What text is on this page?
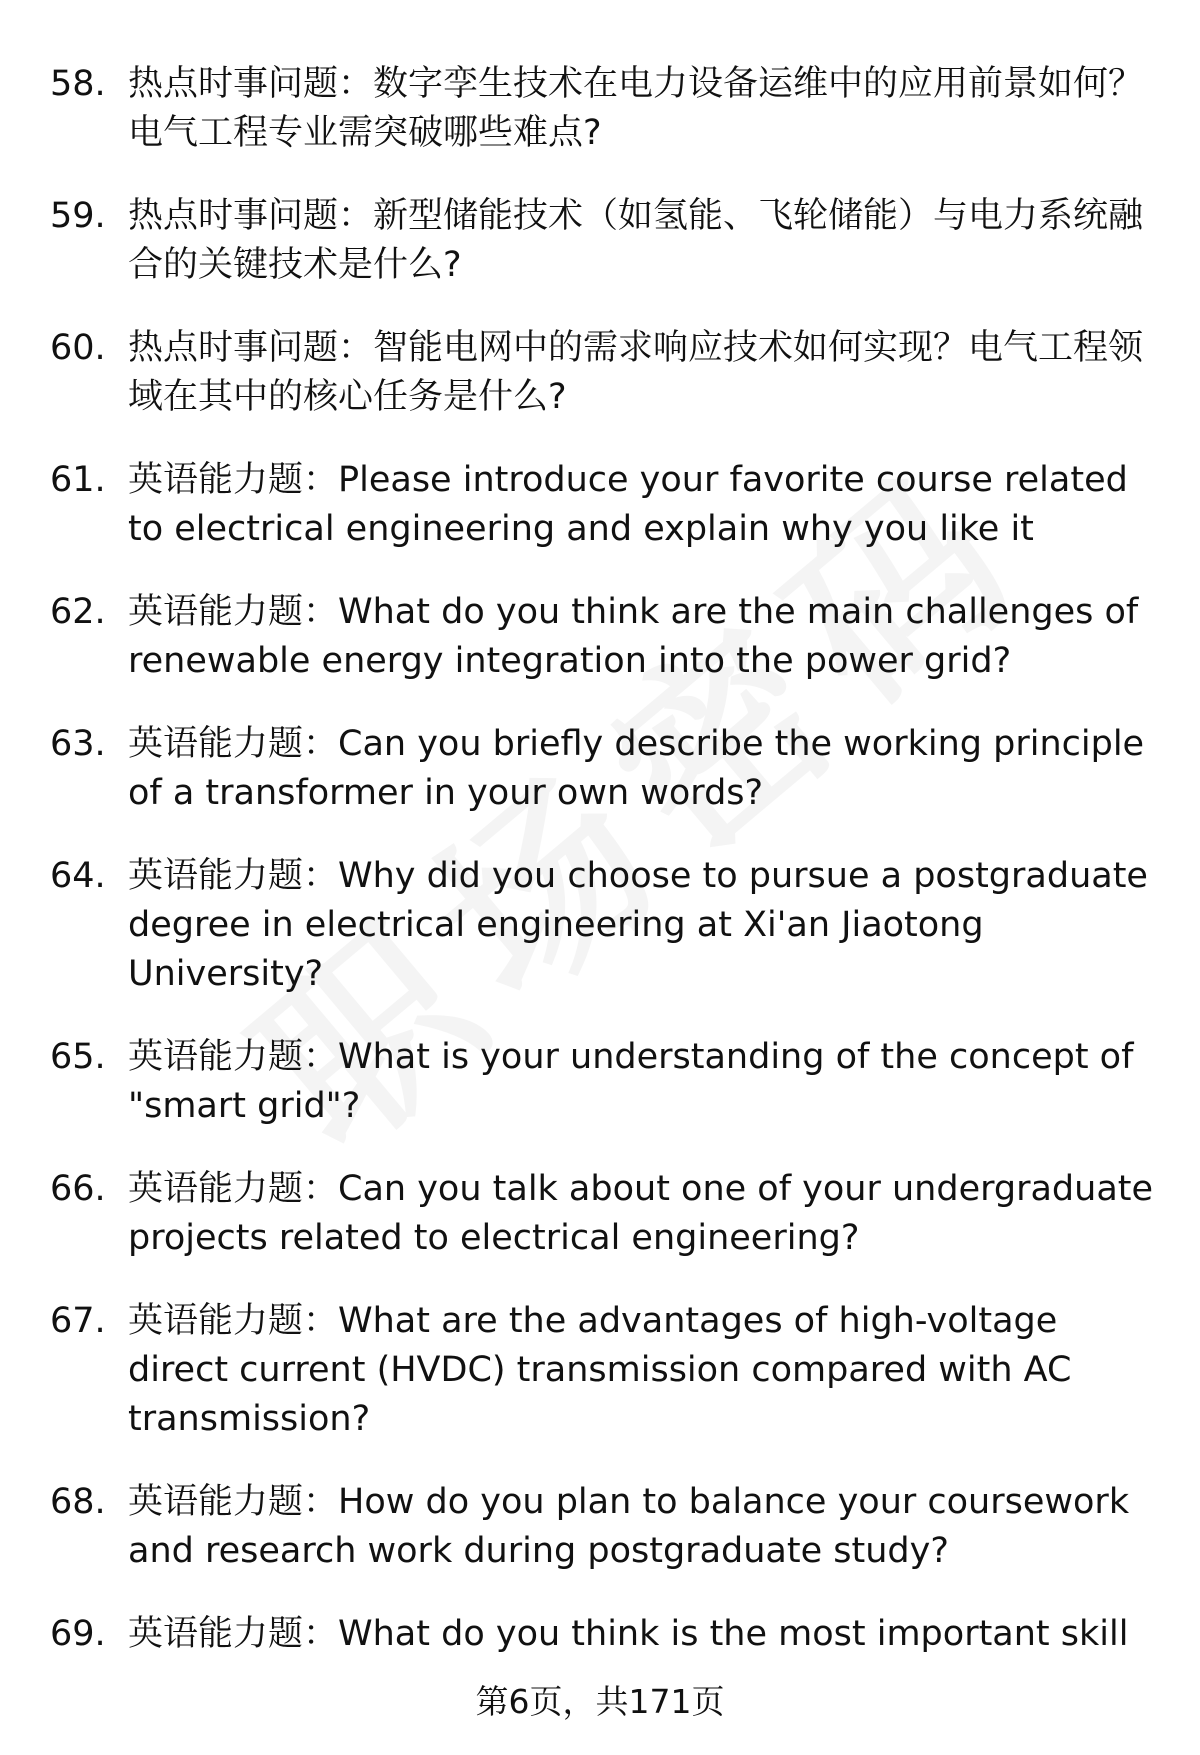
58. 热点时事问题：数字孪生技术在电力设备运维中的应用前景如何？电气工程专业需突破哪些难点?
59. 热点时事问题：新型储能技术（如氢能、飞轮储能）与电力系统融合的关键技术是什么?
60. 热点时事问题：智能电网中的需求响应技术如何实现？电气工程领域在其中的核心任务是什么?
61. 英语能力题：Please introduce your favorite course related to electrical engineering and explain why you like it
62. 英语能力题：What do you think are the main challenges of renewable energy integration into the power grid?
63. 英语能力题：Can you briefly describe the working principle of a transformer in your own words?
64. 英语能力题：Why did you choose to pursue a postgraduate degree in electrical engineering at Xi'an Jiaotong University?
65. 英语能力题：What is your understanding of the concept of "smart grid"?
66. 英语能力题：Can you talk about one of your undergraduate projects related to electrical engineering?
67. 英语能力题：What are the advantages of high-voltage direct current (HVDC) transmission compared with AC transmission?
68. 英语能力题：How do you plan to balance your coursework and research work during postgraduate study?
69. 英语能力题：What do you think is the most important skill
第6页，共171页
